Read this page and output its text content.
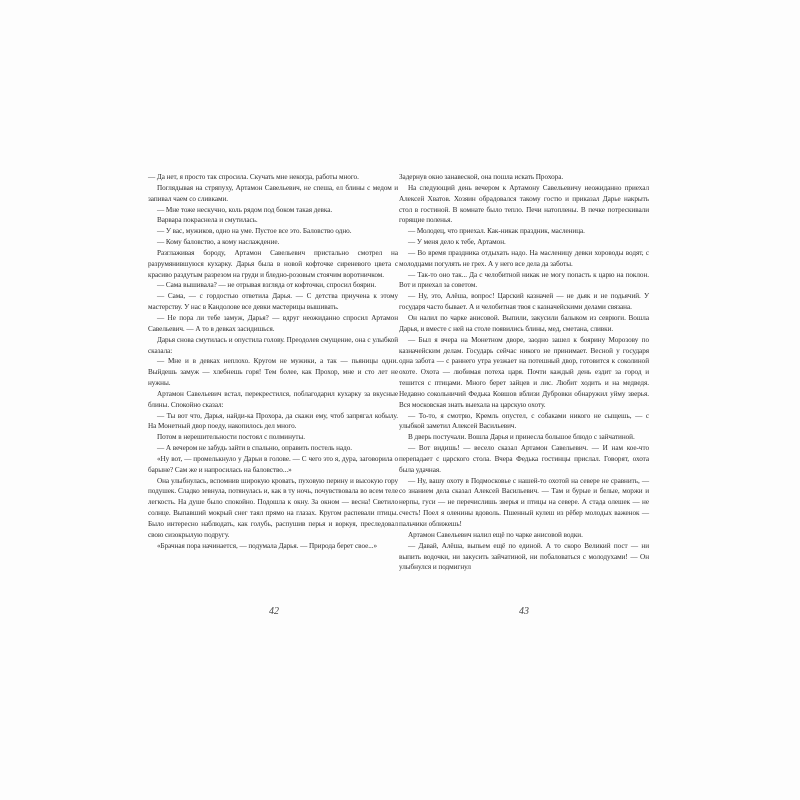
— Да нет, я просто так спросила. Скучать мне некогда, работы много.

Поглядывая на стряпуху, Артамон Савельевич, не спеша, ел блины с медом и запивал чаем со сливками.

— Мне тоже нескучно, коль рядом под боком такая девка.

Варвара покраснела и смутилась.

— У вас, мужиков, одно на уме. Пустое все это. Баловство одно.

— Кому баловство, а кому наслаждение.

Разглаживая бороду, Артамон Савельевич пристально смотрел на разрумянившуюся кухарку. Дарья была в новой кофточке сиреневого цвета с красиво раздутым разрезом на груди и бледно-розовым стоячим воротничком.

— Сама вышивала? — не отрывая взгляда от кофточки, спросил боярин.

— Сама, — с гордостью ответила Дарья. — С детства приучена к этому мастерству. У нас в Кандолове все девки мастерицы вышивать.

— Не пора ли тебе замуж, Дарья? — вдруг неожиданно спросил Артамон Савельевич. — А то в девках засидишься.

Дарья снова смутилась и опустила голову. Преодолев смущение, она с улыбкой сказала:

— Мне и в девках неплохо. Кругом не мужики, а так — пьяницы одни. Выйдешь замуж — хлебнешь горя! Тем более, как Прохор, мне и сто лет не нужны.

Артамон Савельевич встал, перекрестился, поблагодарил кухарку за вкусные блины. Спокойно сказал:

— Ты вот что, Дарья, найди-ка Прохора, да скажи ему, чтоб запрягал кобылу. На Монетный двор поеду, накопилось дел много.

Потом в нерешительности постоял с полминуты.

— А вечером не забудь зайти в спальню, оправить постель надо.

«Ну вот, — промелькнуло у Дарьи в голове. — С чего это я, дура, заговорила о барыне? Сам же и напросилась на баловство...»

Она улыбнулась, вспомнив широкую кровать, пуховую перину и высокую гору подушек. Сладко зевнула, потянулась и, как в ту ночь, почувствовала во всем теле легкость. На душе было спокойно. Подошла к окну. За окном — весна! Светило солнце. Выпавший мокрый снег таял прямо на глазах. Кругом распевали птицы. Было интересно наблюдать, как голубь, распушив перья и воркуя, преследовал свою сизокрылую подругу.

«Брачная пора начинается, — подумала Дарья. — Природа берет свое...»

Задернув окно занавеской, она пошла искать Прохора.

На следующий день вечером к Артамону Савельевичу неожиданно приехал Алексей Хватов. Хозяин обрадовался такому гостю и приказал Дарье накрыть стол в гостиной. В комнате было тепло. Печи натоплены. В печке потрескивали горящие поленья.

— Молодец, что приехал. Как-никак праздник, масленица.

— У меня дело к тебе, Артамон.

— Во время праздника отдыхать надо. На масленицу девки хороводы водят, с молодцами погулять не грех. А у него все дела да заботы.

— Так-то оно так... Да с челобитной никак не могу попасть к царю на поклон. Вот и приехал за советом.

— Ну, это, Алёша, вопрос! Царский казначей — не дьяк и не подьячий. У государя часто бывает. А и челобитная твоя с казначейскими делами связана.

Он налил по чарке анисовой. Выпили, закусили балыком из севрюги. Вошла Дарья, и вместе с ней на столе появились блины, мед, сметана, сливки.

— Был я вчера на Монетном дворе, заодно зашел к боярину Морозову по казначейским делам. Государь сейчас никого не принимает. Весной у государя одна забота — с раннего утра уезжает на потешный двор, готовится к соколиной охоте. Охота — любимая потеха царя. Почти каждый день ездит за город и тешится с птицами. Много берет зайцев и лис. Любит ходить и на медведя. Недавно сокольничий Федька Ковшов вблизи Дубровки обнаружил уйму зверья. Вся московская знать выехала на царскую охоту.

— То-то, я смотрю, Кремль опустел, с собаками никого не сыщешь, — с улыбкой заметил Алексей Васильевич.

В дверь постучали. Вошла Дарья и принесла большое блюдо с зайчатиной.

— Вот видишь! — весело сказал Артамон Савельевич. — И нам кое-что перепадает с царского стола. Вчера Федька гостинцы прислал. Говорят, охота была удачная.

— Ну, вашу охоту в Подмосковье с нашей-то охотой на севере не сравнить, — со знанием дела сказал Алексей Васильевич. — Там и бурые и белые, моржи и нерпы, гуси — не перечислишь зверья и птицы на севере. А стада олешек — не счесть! Поел я оленины вдоволь. Пшенный кулеш из рёбер молодых важенок — пальчики оближешь!

Артамон Савельевич налил ещё по чарке анисовой водки.

— Давай, Алёша, выпьем ещё по единой. А то скоро Великий пост — ни выпить водочки, ни закусить зайчатиной, ни побаловаться с молодухами! — Он улыбнулся и подмигнул

42	43
